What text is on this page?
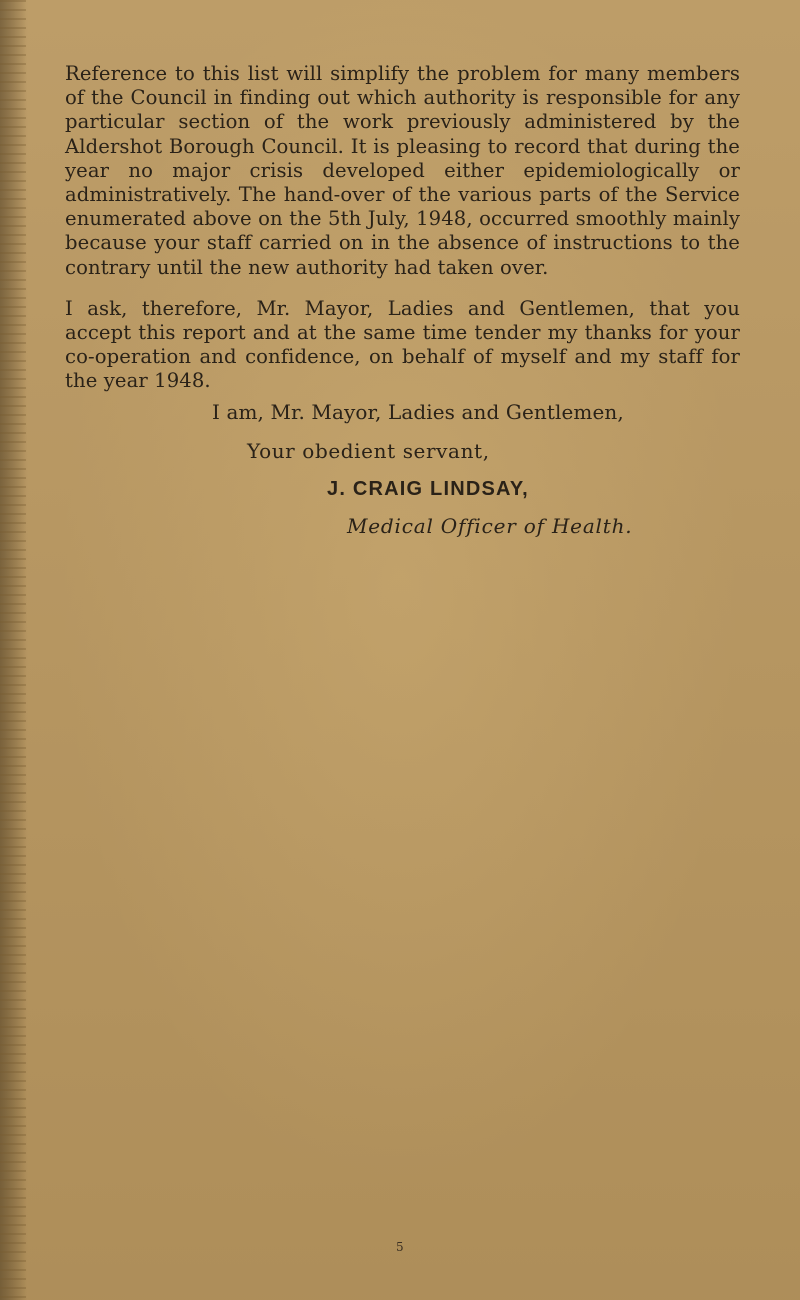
Reference to this list will simplify the problem for many members of the Council in finding out which authority is responsible for any particular section of the work previously administered by the Aldershot Borough Council. It is pleasing to record that during the year no major crisis developed either epidemiologically or administratively. The hand-over of the various parts of the Service enumerated above on the 5th July, 1948, occurred smoothly mainly because your staff carried on in the absence of instructions to the contrary until the new authority had taken over.

I ask, therefore, Mr. Mayor, Ladies and Gentlemen, that you accept this report and at the same time tender my thanks for your co-operation and confidence, on behalf of myself and my staff for the year 1948.

I am, Mr. Mayor, Ladies and Gentlemen,
Your obedient servant,
J. CRAIG LINDSAY,
Medical Officer of Health.
5
